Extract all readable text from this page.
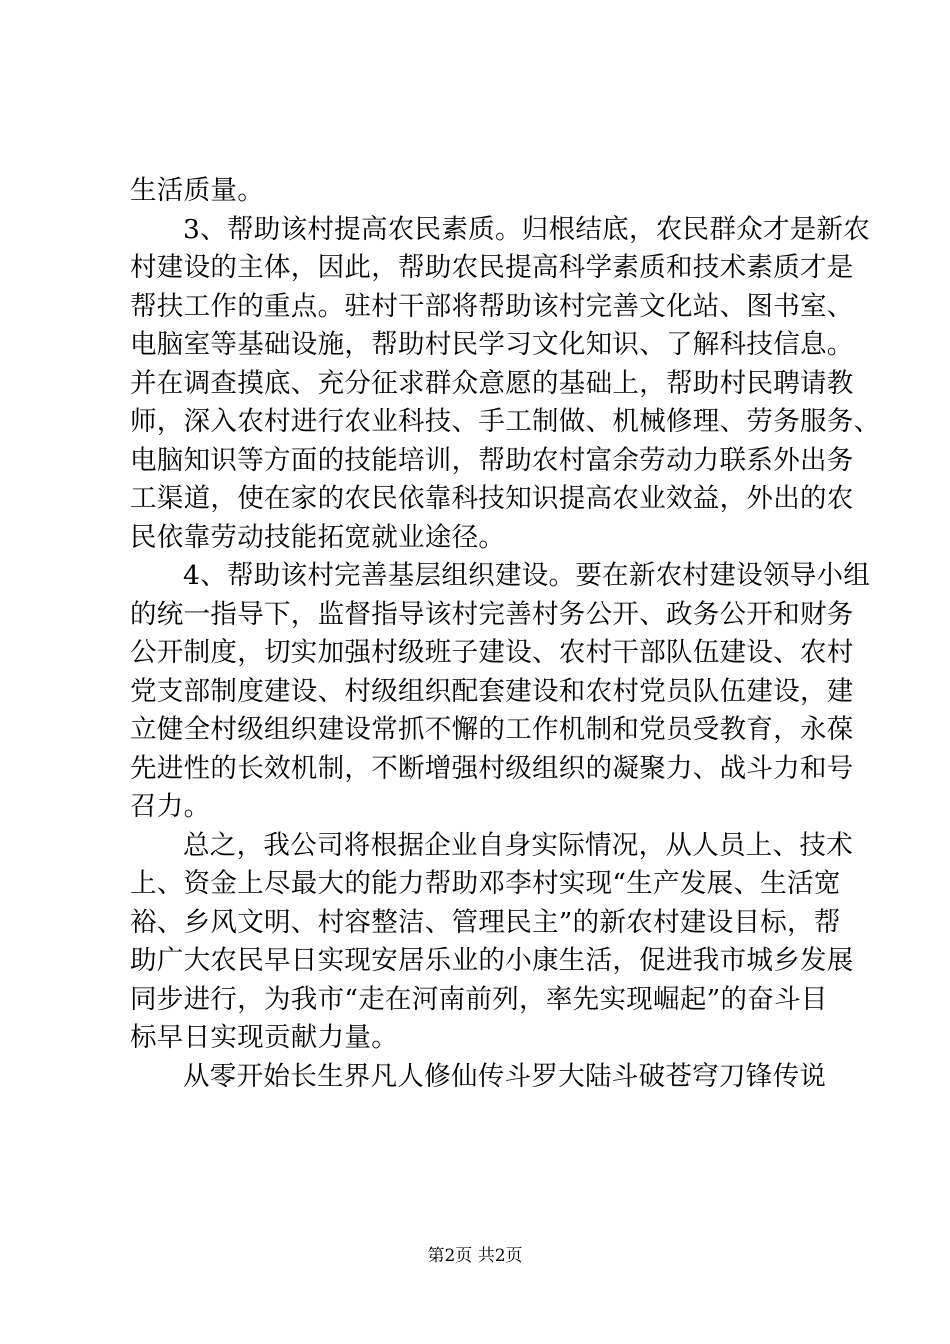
生活质量。
3、帮助该村提高农民素质。归根结底，农民群众才是新农
村建设的主体，因此，帮助农民提高科学素质和技术素质才是
帮扶工作的重点。驻村干部将帮助该村完善文化站、图书室、
电脑室等基础设施，帮助村民学习文化知识、了解科技信息。
并在调查摸底、充分征求群众意愿的基础上，帮助村民聘请教
师，深入农村进行农业科技、手工制做、机械修理、劳务服务、
电脑知识等方面的技能培训，帮助农村富余劳动力联系外出务
工渠道，使在家的农民依靠科技知识提高农业效益，外出的农
民依靠劳动技能拓宽就业途径。
4、帮助该村完善基层组织建设。要在新农村建设领导小组
的统一指导下，监督指导该村完善村务公开、政务公开和财务
公开制度，切实加强村级班子建设、农村干部队伍建设、农村
党支部制度建设、村级组织配套建设和农村党员队伍建设，建
立健全村级组织建设常抓不懈的工作机制和党员受教育，永葆
先进性的长效机制，不断增强村级组织的凝聚力、战斗力和号
召力。
总之，我公司将根据企业自身实际情况，从人员上、技术
上、资金上尽最大的能力帮助邓李村实现“生产发展、生活宽
裕、乡风文明、村容整洁、管理民主”的新农村建设目标，帮
助广大农民早日实现安居乐业的小康生活，促进我市城乡发展
同步进行，为我市“走在河南前列，率先实现崛起”的奋斗目
标早日实现贡献力量。
从零开始长生界凡人修仙传斗罗大陆斗破苍穹刀锋传说
第2页 共2页
